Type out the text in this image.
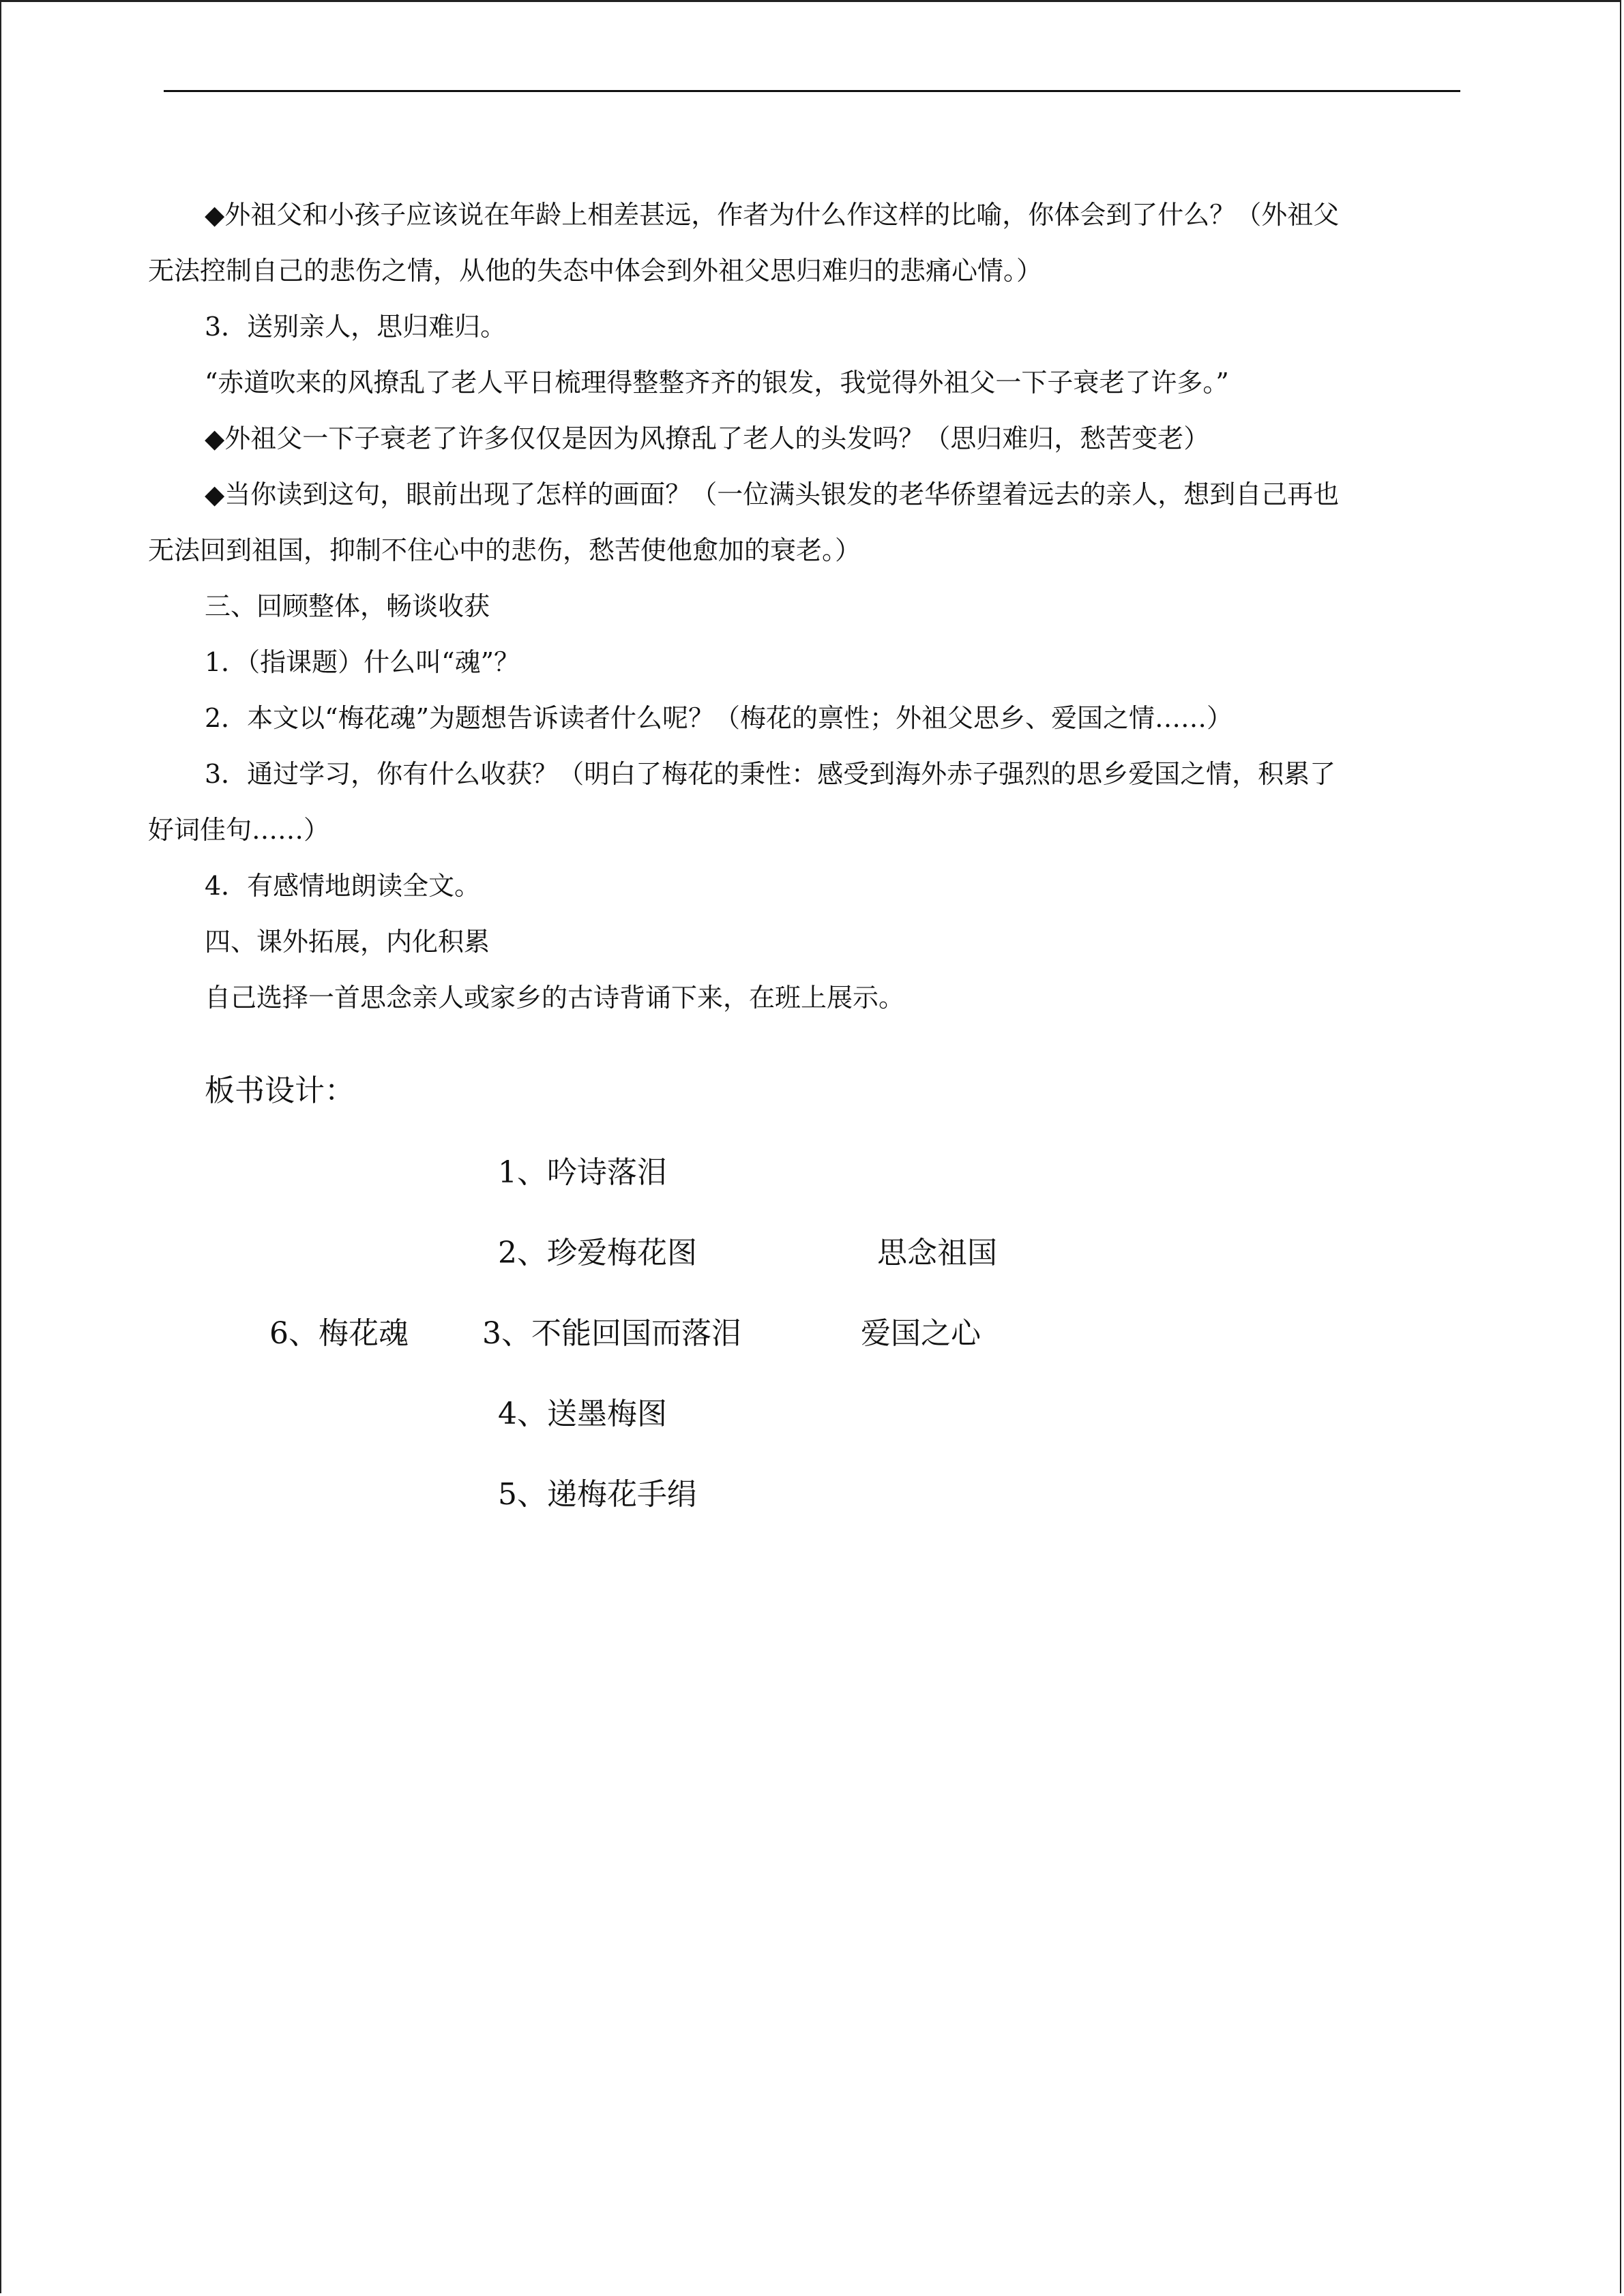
◆外祖父和小孩子应该说在年龄上相差甚远，作者为什么作这样的比喻，你体会到了什么？（外祖父
无法控制自己的悲伤之情，从他的失态中体会到外祖父思归难归的悲痛心情。）
3．送别亲人，思归难归。
“赤道吹来的风撩乱了老人平日梳理得整整齐齐的银发，我觉得外祖父一下子衰老了许多。”
◆外祖父一下子衰老了许多仅仅是因为风撩乱了老人的头发吗？（思归难归，愁苦变老）
◆当你读到这句，眼前出现了怎样的画面？（一位满头银发的老华侨望着远去的亲人，想到自己再也
无法回到祖国，抑制不住心中的悲伤，愁苦使他愈加的衰老。）
三、回顾整体，畅谈收获
1．（指课题）什么叫“魂”？
2．本文以“梅花魂”为题想告诉读者什么呢？（梅花的禀性；外祖父思乡、爱国之情……）
3．通过学习，你有什么收获？（明白了梅花的秉性：感受到海外赤子强烈的思乡爱国之情，积累了
好词佳句……）
4．有感情地朗读全文。
四、课外拓展，内化积累
自己选择一首思念亲人或家乡的古诗背诵下来，在班上展示。
板书设计：
1、吟诗落泪
2、珍爱梅花图	思念祖国
6、梅花魂 3、不能回国而落泪	爱国之心
4、送墨梅图
5、递梅花手绢
